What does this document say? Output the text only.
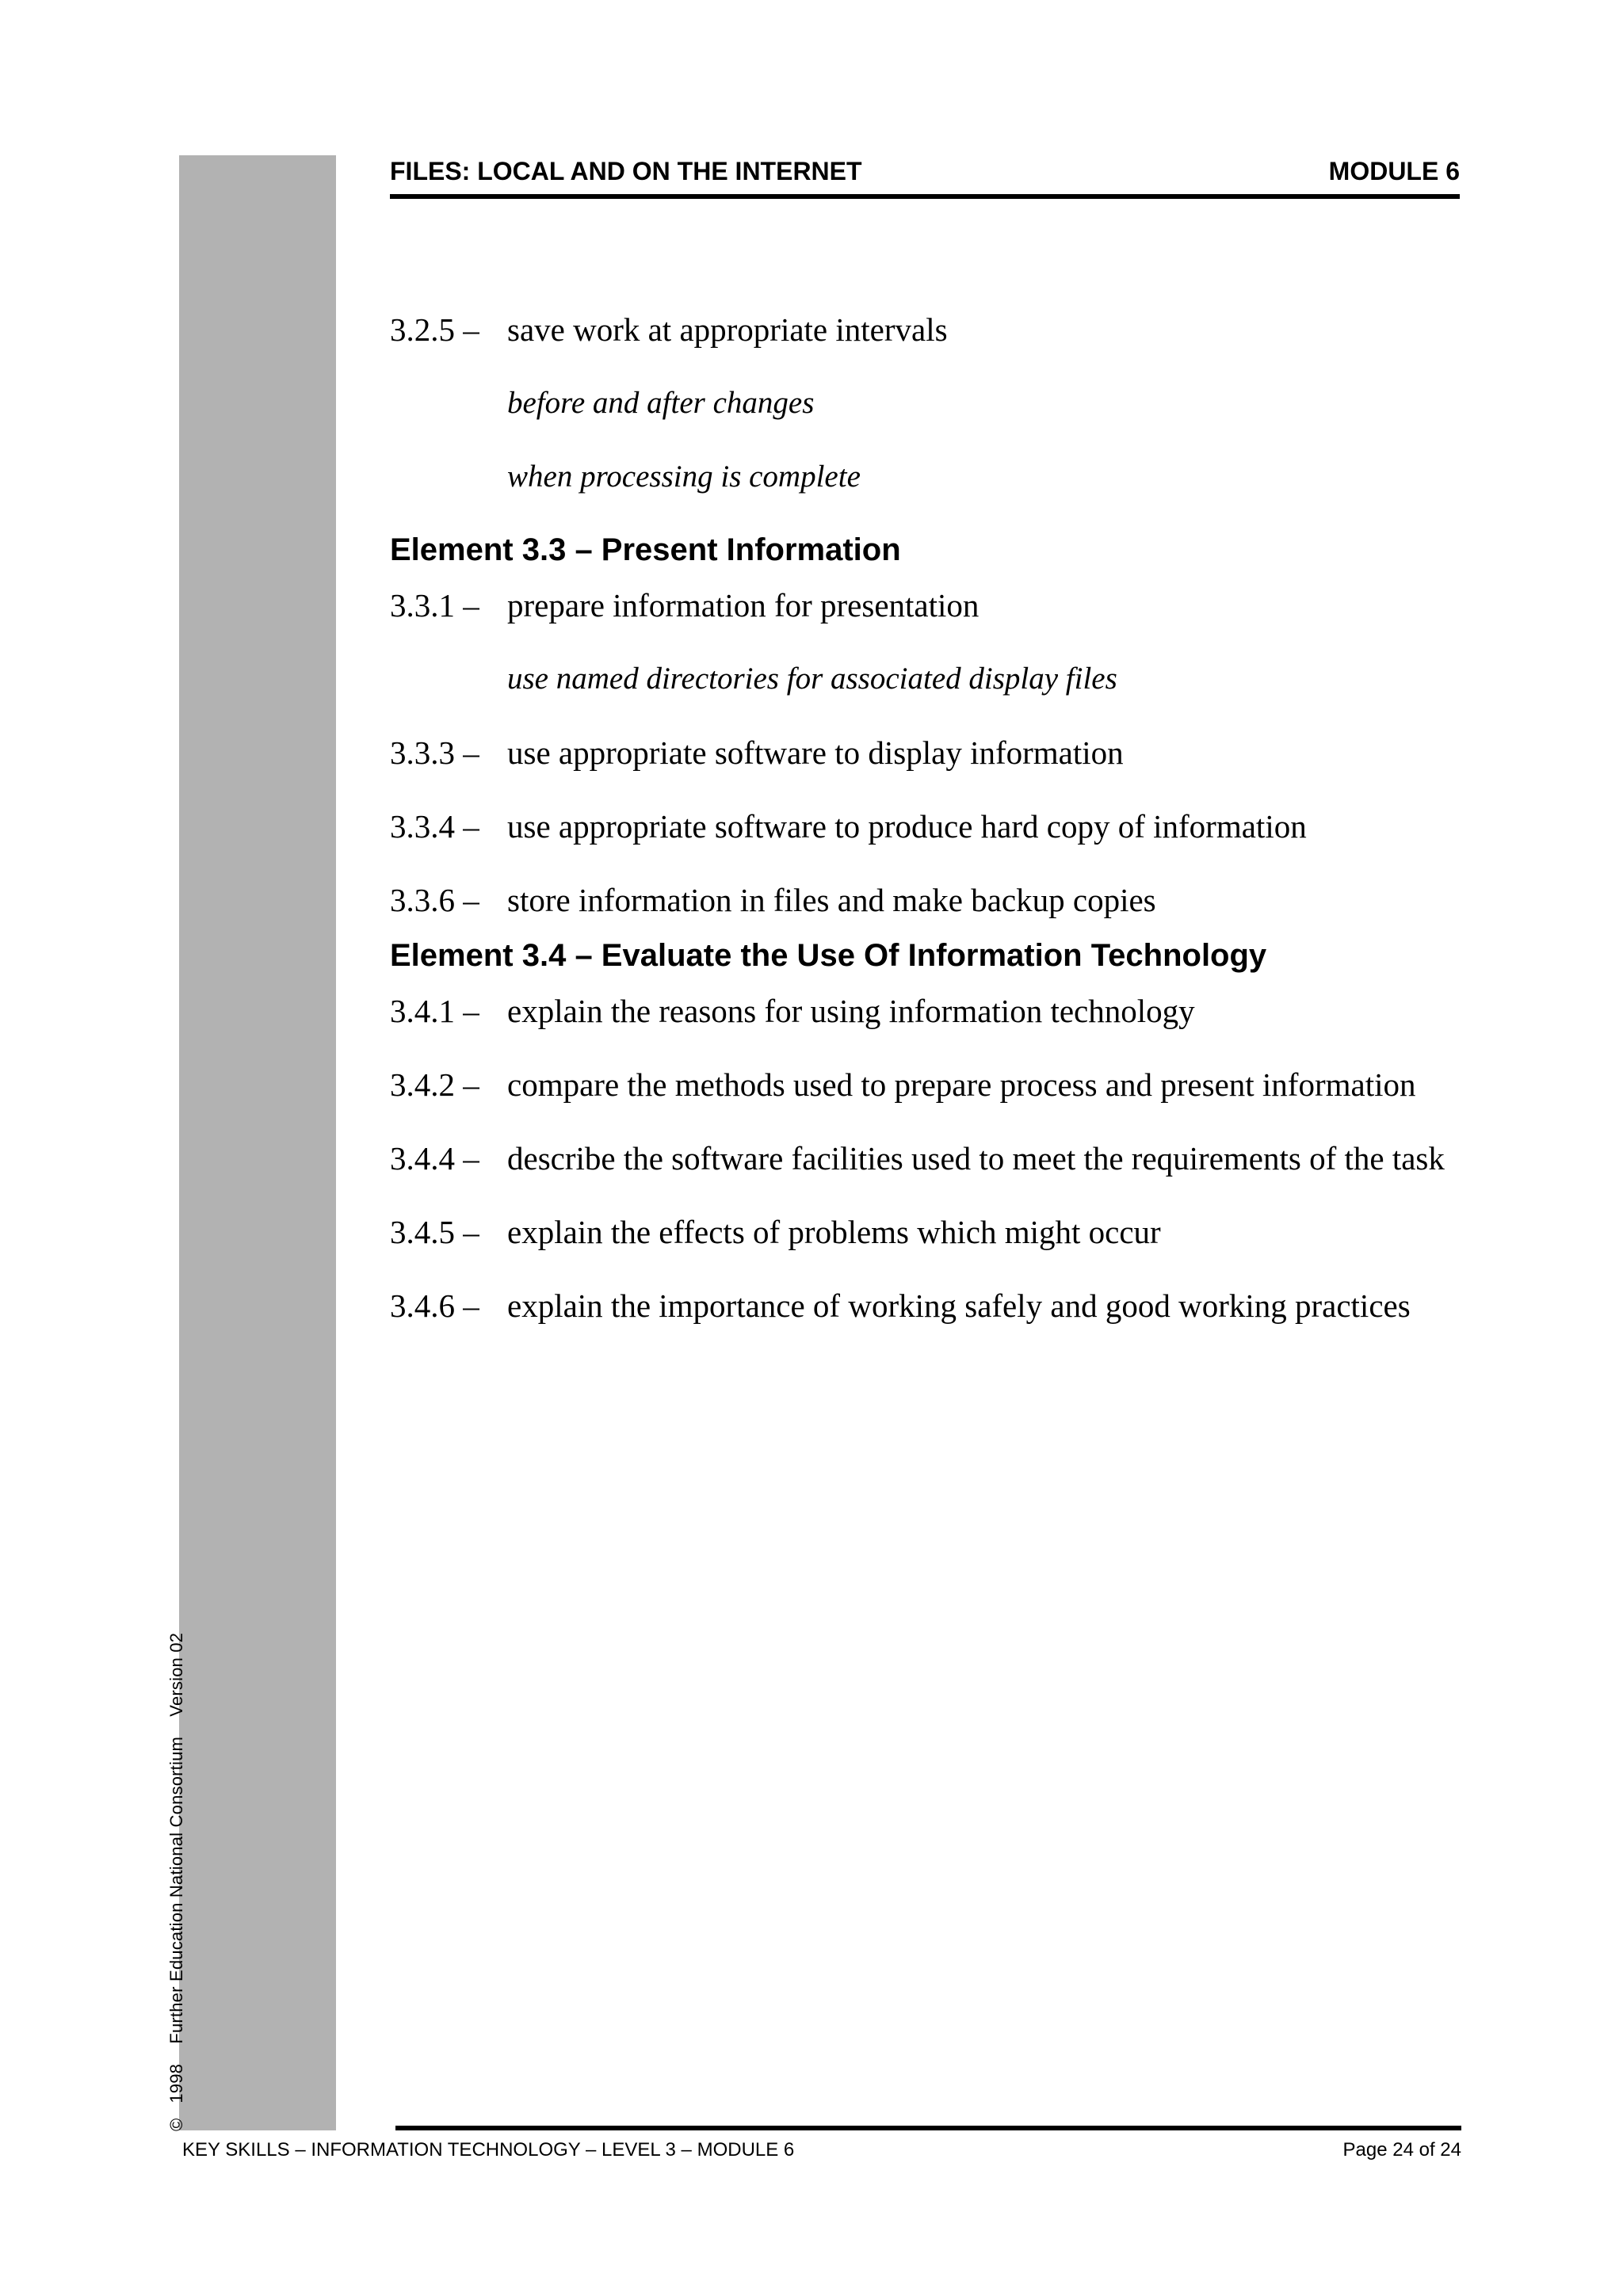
©   1998    Further Education National Consortium    Version 02
FILES: LOCAL AND ON THE INTERNET	MODULE 6
3.2.5 – save work at appropriate intervals
before and after changes
when processing is complete
Element 3.3 – Present Information
3.3.1 – prepare information for presentation
use named directories for associated display files
3.3.3 – use appropriate software to display information
3.3.4 – use appropriate software to produce hard copy of information
3.3.6 – store information in files and make backup copies
Element 3.4 – Evaluate the Use Of Information Technology
3.4.1 – explain the reasons for using information technology
3.4.2 – compare the methods used to prepare process and present information
3.4.4 – describe the software facilities used to meet the requirements of the task
3.4.5 – explain the effects of problems which might occur
3.4.6 – explain the importance of working safely and good working practices
KEY SKILLS – INFORMATION TECHNOLOGY – LEVEL 3 – MODULE 6	Page 24 of 24
